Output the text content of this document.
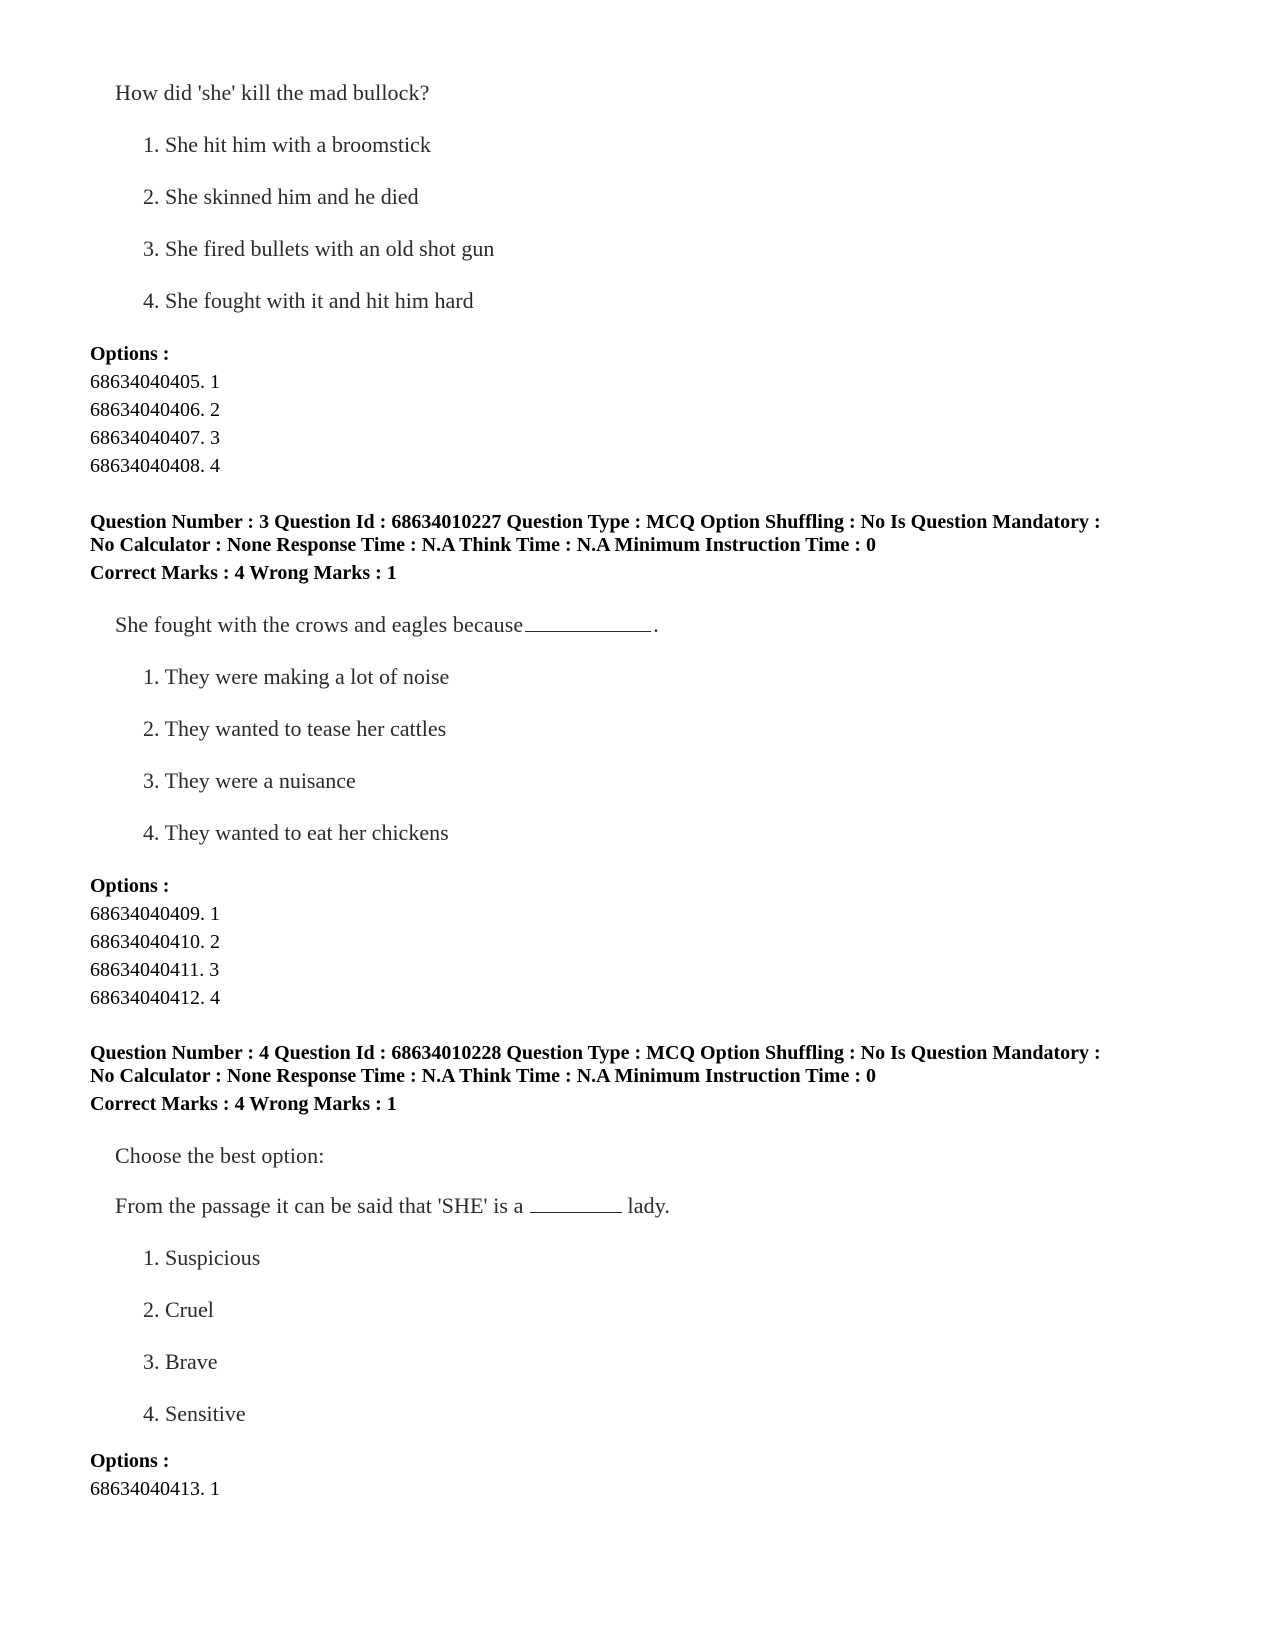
How did 'she' kill the mad bullock?
1. She hit him with a broomstick
2. She skinned him and he died
3. She fired bullets with an old shot gun
4. She fought with it and hit him hard
Options :
68634040405. 1
68634040406. 2
68634040407. 3
68634040408. 4
Question Number : 3 Question Id : 68634010227 Question Type : MCQ Option Shuffling : No Is Question Mandatory :
No Calculator : None Response Time : N.A Think Time : N.A Minimum Instruction Time : 0
Correct Marks : 4 Wrong Marks : 1
She fought with the crows and eagles because	.
1. They were making a lot of noise
2. They wanted to tease her cattles
3. They were a nuisance
4. They wanted to eat her chickens
Options :
68634040409. 1
68634040410. 2
68634040411. 3
68634040412. 4
Question Number : 4 Question Id : 68634010228 Question Type : MCQ Option Shuffling : No Is Question Mandatory :
No Calculator : None Response Time : N.A Think Time : N.A Minimum Instruction Time : 0
Correct Marks : 4 Wrong Marks : 1
Choose the best option:
From the passage it can be said that 'SHE' is a	lady.
1. Suspicious
2. Cruel
3. Brave
4. Sensitive
Options :
68634040413. 1
